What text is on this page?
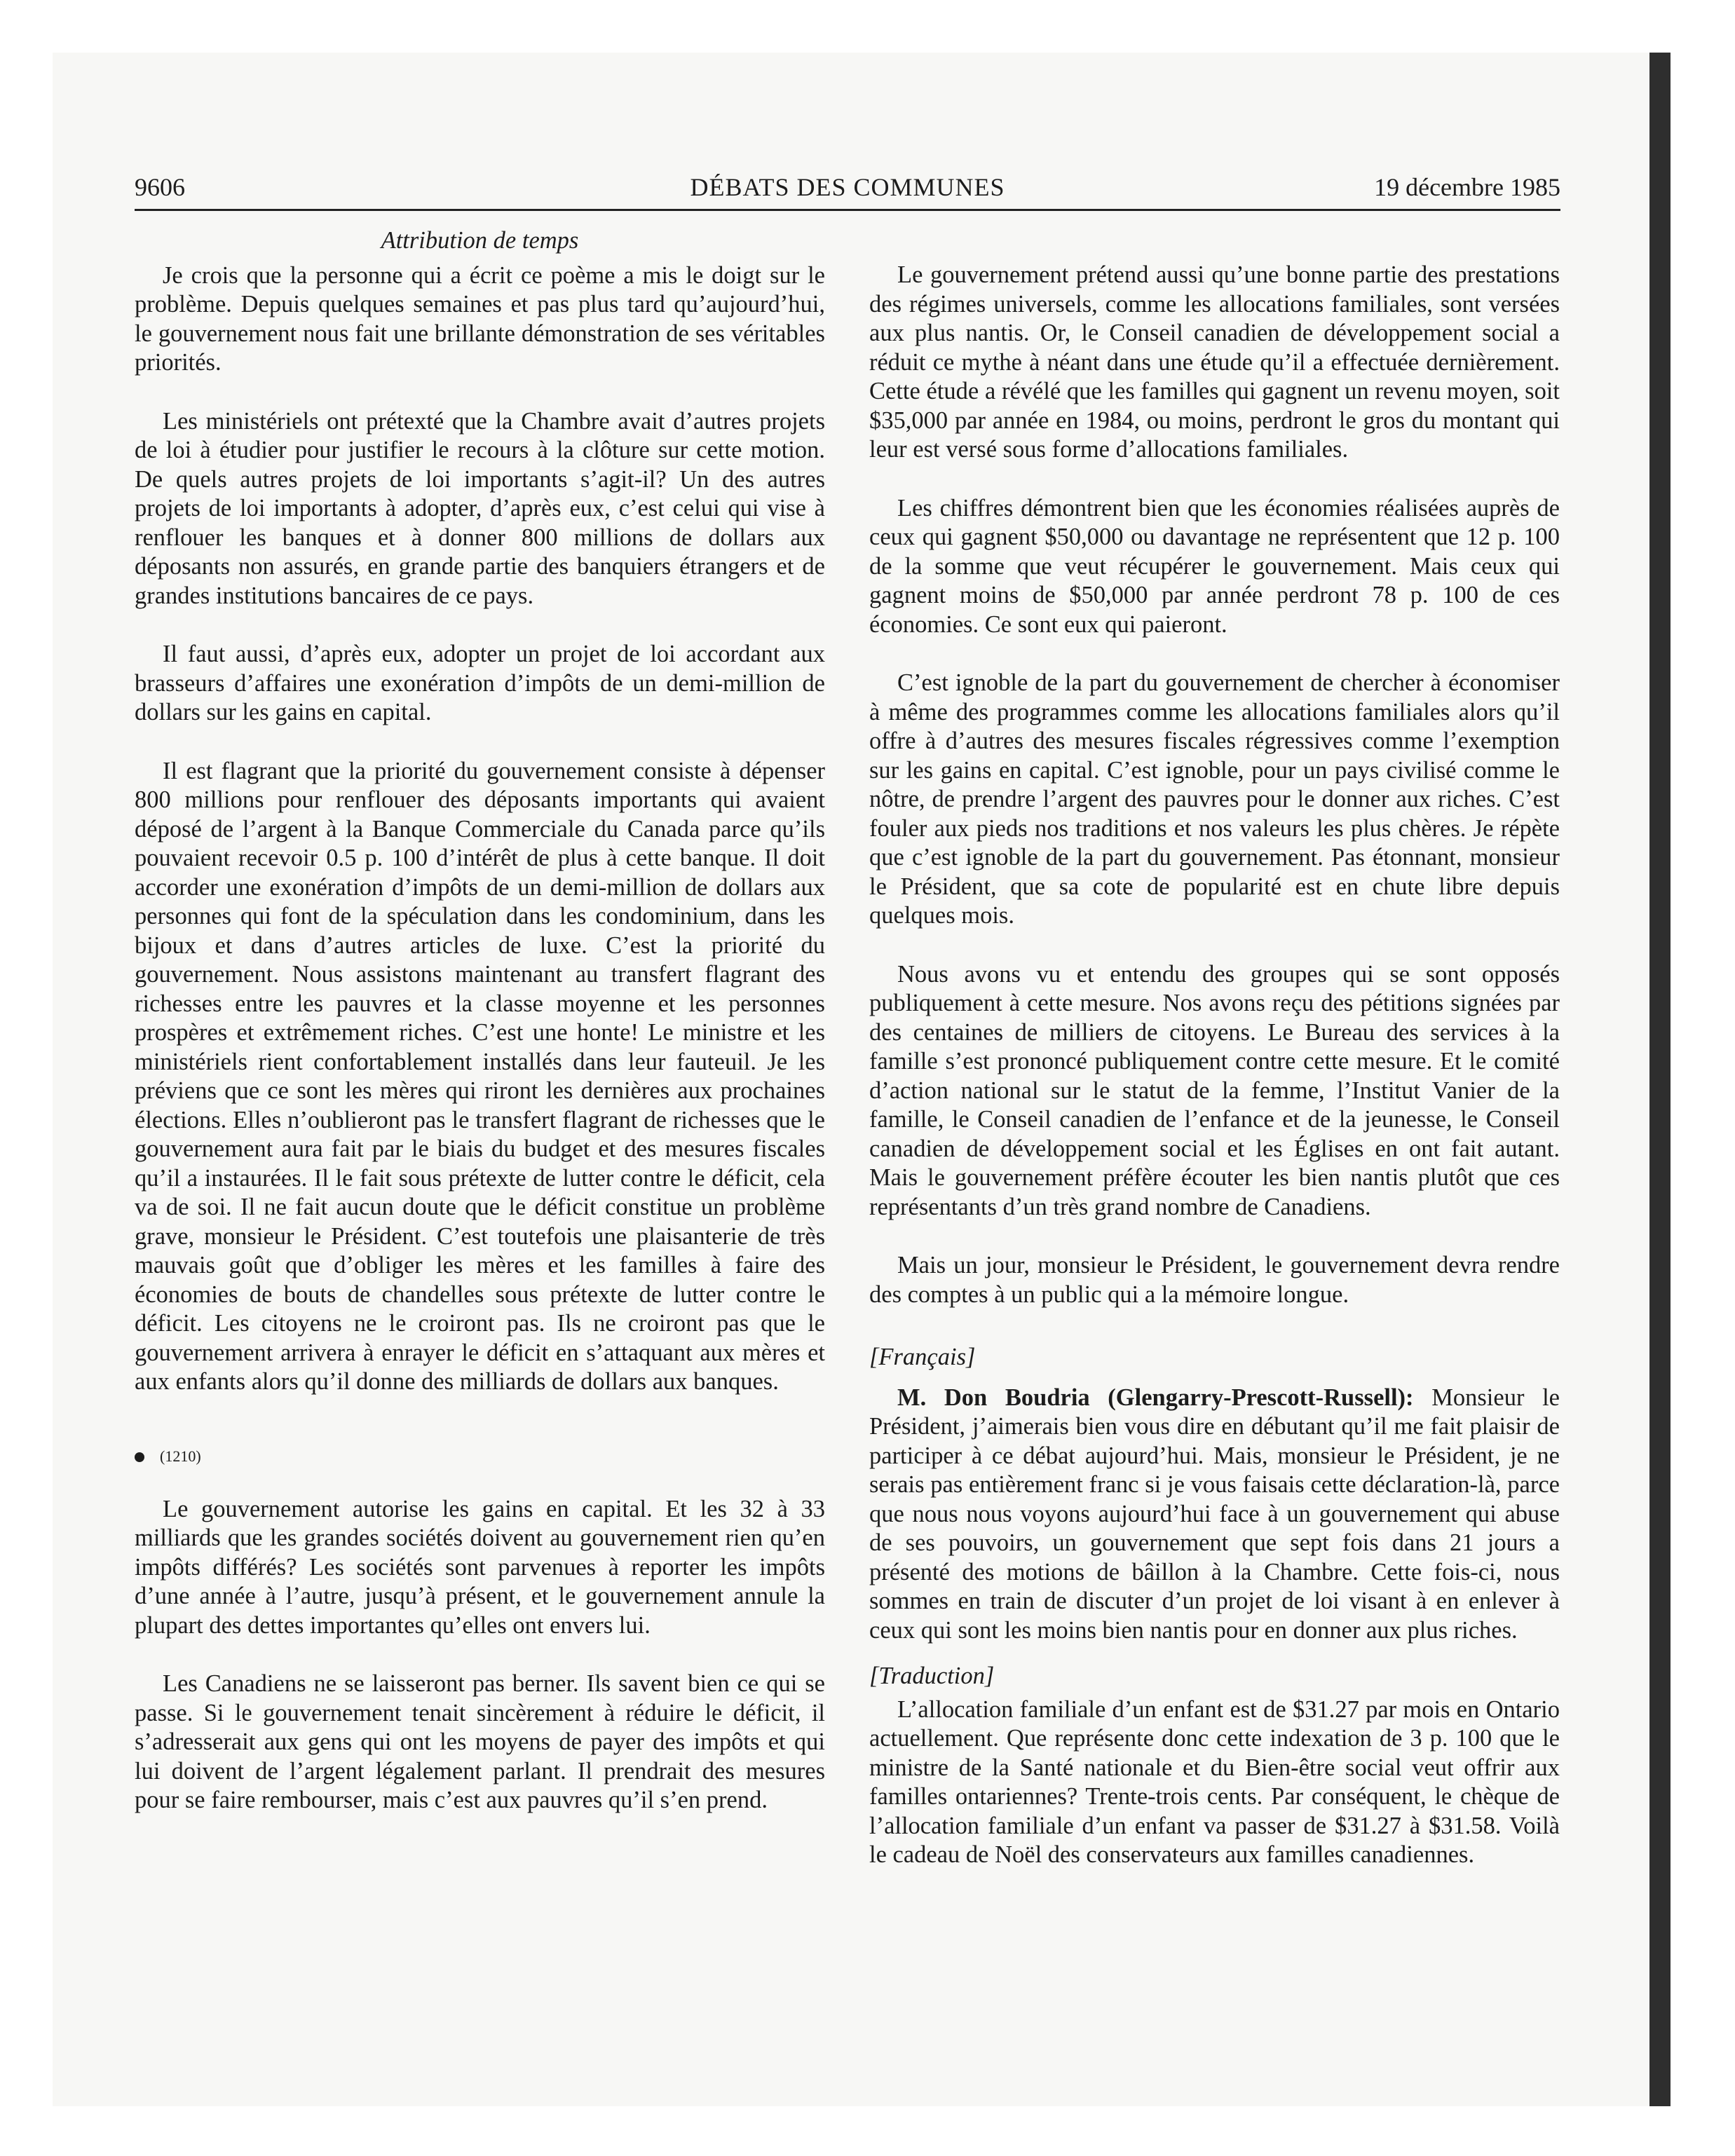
9606	DÉBATS DES COMMUNES	19 décembre 1985
Attribution de temps

Je crois que la personne qui a écrit ce poème a mis le doigt sur le problème. Depuis quelques semaines et pas plus tard qu’aujourd’hui, le gouvernement nous fait une brillante démonstration de ses véritables priorités.

Les ministériels ont prétexté que la Chambre avait d’autres projets de loi à étudier pour justifier le recours à la clôture sur cette motion. De quels autres projets de loi importants s’agit-il? Un des autres projets de loi importants à adopter, d’après eux, c’est celui qui vise à renflouer les banques et à donner 800 millions de dollars aux déposants non assurés, en grande partie des banquiers étrangers et de grandes institutions bancaires de ce pays.

Il faut aussi, d’après eux, adopter un projet de loi accordant aux brasseurs d’affaires une exonération d’impôts de un demi-million de dollars sur les gains en capital.

Il est flagrant que la priorité du gouvernement consiste à dépenser 800 millions pour renflouer des déposants importants qui avaient déposé de l’argent à la Banque Commerciale du Canada parce qu’ils pouvaient recevoir 0.5 p. 100 d’intérêt de plus à cette banque. Il doit accorder une exonération d’impôts de un demi-million de dollars aux personnes qui font de la spéculation dans les condominium, dans les bijoux et dans d’autres articles de luxe. C’est la priorité du gouvernement. Nous assistons maintenant au transfert flagrant des richesses entre les pauvres et la classe moyenne et les personnes prospères et extrêmement riches. C’est une honte! Le ministre et les ministériels rient confortablement installés dans leur fauteuil. Je les préviens que ce sont les mères qui riront les dernières aux prochaines élections. Elles n’oublieront pas le transfert flagrant de richesses que le gouvernement aura fait par le biais du budget et des mesures fiscales qu’il a instaurées. Il le fait sous prétexte de lutter contre le déficit, cela va de soi. Il ne fait aucun doute que le déficit constitue un problème grave, monsieur le Président. C’est toutefois une plaisanterie de très mauvais goût que d’obliger les mères et les familles à faire des économies de bouts de chandelles sous prétexte de lutter contre le déficit. Les citoyens ne le croiront pas. Ils ne croiront pas que le gouvernement arrivera à enrayer le déficit en s’attaquant aux mères et aux enfants alors qu’il donne des milliards de dollars aux banques.

(1210)

Le gouvernement autorise les gains en capital. Et les 32 à 33 milliards que les grandes sociétés doivent au gouvernement rien qu’en impôts différés? Les sociétés sont parvenues à reporter les impôts d’une année à l’autre, jusqu’à présent, et le gouvernement annule la plupart des dettes importantes qu’elles ont envers lui.

Les Canadiens ne se laisseront pas berner. Ils savent bien ce qui se passe. Si le gouvernement tenait sincèrement à réduire le déficit, il s’adresserait aux gens qui ont les moyens de payer des impôts et qui lui doivent de l’argent légalement parlant. Il prendrait des mesures pour se faire rembourser, mais c’est aux pauvres qu’il s’en prend.

Le gouvernement prétend aussi qu’une bonne partie des prestations des régimes universels, comme les allocations familiales, sont versées aux plus nantis. Or, le Conseil canadien de développement social a réduit ce mythe à néant dans une étude qu’il a effectuée dernièrement. Cette étude a révélé que les familles qui gagnent un revenu moyen, soit $35,000 par année en 1984, ou moins, perdront le gros du montant qui leur est versé sous forme d’allocations familiales.

Les chiffres démontrent bien que les économies réalisées auprès de ceux qui gagnent $50,000 ou davantage ne représentent que 12 p. 100 de la somme que veut récupérer le gouvernement. Mais ceux qui gagnent moins de $50,000 par année perdront 78 p. 100 de ces économies. Ce sont eux qui paieront.

C’est ignoble de la part du gouvernement de chercher à économiser à même des programmes comme les allocations familiales alors qu’il offre à d’autres des mesures fiscales régressives comme l’exemption sur les gains en capital. C’est ignoble, pour un pays civilisé comme le nôtre, de prendre l’argent des pauvres pour le donner aux riches. C’est fouler aux pieds nos traditions et nos valeurs les plus chères. Je répète que c’est ignoble de la part du gouvernement. Pas étonnant, monsieur le Président, que sa cote de popularité est en chute libre depuis quelques mois.

Nous avons vu et entendu des groupes qui se sont opposés publiquement à cette mesure. Nos avons reçu des pétitions signées par des centaines de milliers de citoyens. Le Bureau des services à la famille s’est prononcé publiquement contre cette mesure. Et le comité d’action national sur le statut de la femme, l’Institut Vanier de la famille, le Conseil canadien de l’enfance et de la jeunesse, le Conseil canadien de développement social et les Églises en ont fait autant. Mais le gouvernement préfère écouter les bien nantis plutôt que ces représentants d’un très grand nombre de Canadiens.

Mais un jour, monsieur le Président, le gouvernement devra rendre des comptes à un public qui a la mémoire longue.

[Français]

M. Don Boudria (Glengarry-Prescott-Russell): Monsieur le Président, j’aimerais bien vous dire en débutant qu’il me fait plaisir de participer à ce débat aujourd’hui. Mais, monsieur le Président, je ne serais pas entièrement franc si je vous faisais cette déclaration-là, parce que nous nous voyons aujourd’hui face à un gouvernement qui abuse de ses pouvoirs, un gouvernement que sept fois dans 21 jours a présenté des motions de bâillon à la Chambre. Cette fois-ci, nous sommes en train de discuter d’un projet de loi visant à en enlever à ceux qui sont les moins bien nantis pour en donner aux plus riches.

[Traduction]

L’allocation familiale d’un enfant est de $31.27 par mois en Ontario actuellement. Que représente donc cette indexation de 3 p. 100 que le ministre de la Santé nationale et du Bien-être social veut offrir aux familles ontariennes? Trente-trois cents. Par conséquent, le chèque de l’allocation familiale d’un enfant va passer de $31.27 à $31.58. Voilà le cadeau de Noël des conservateurs aux familles canadiennes.
